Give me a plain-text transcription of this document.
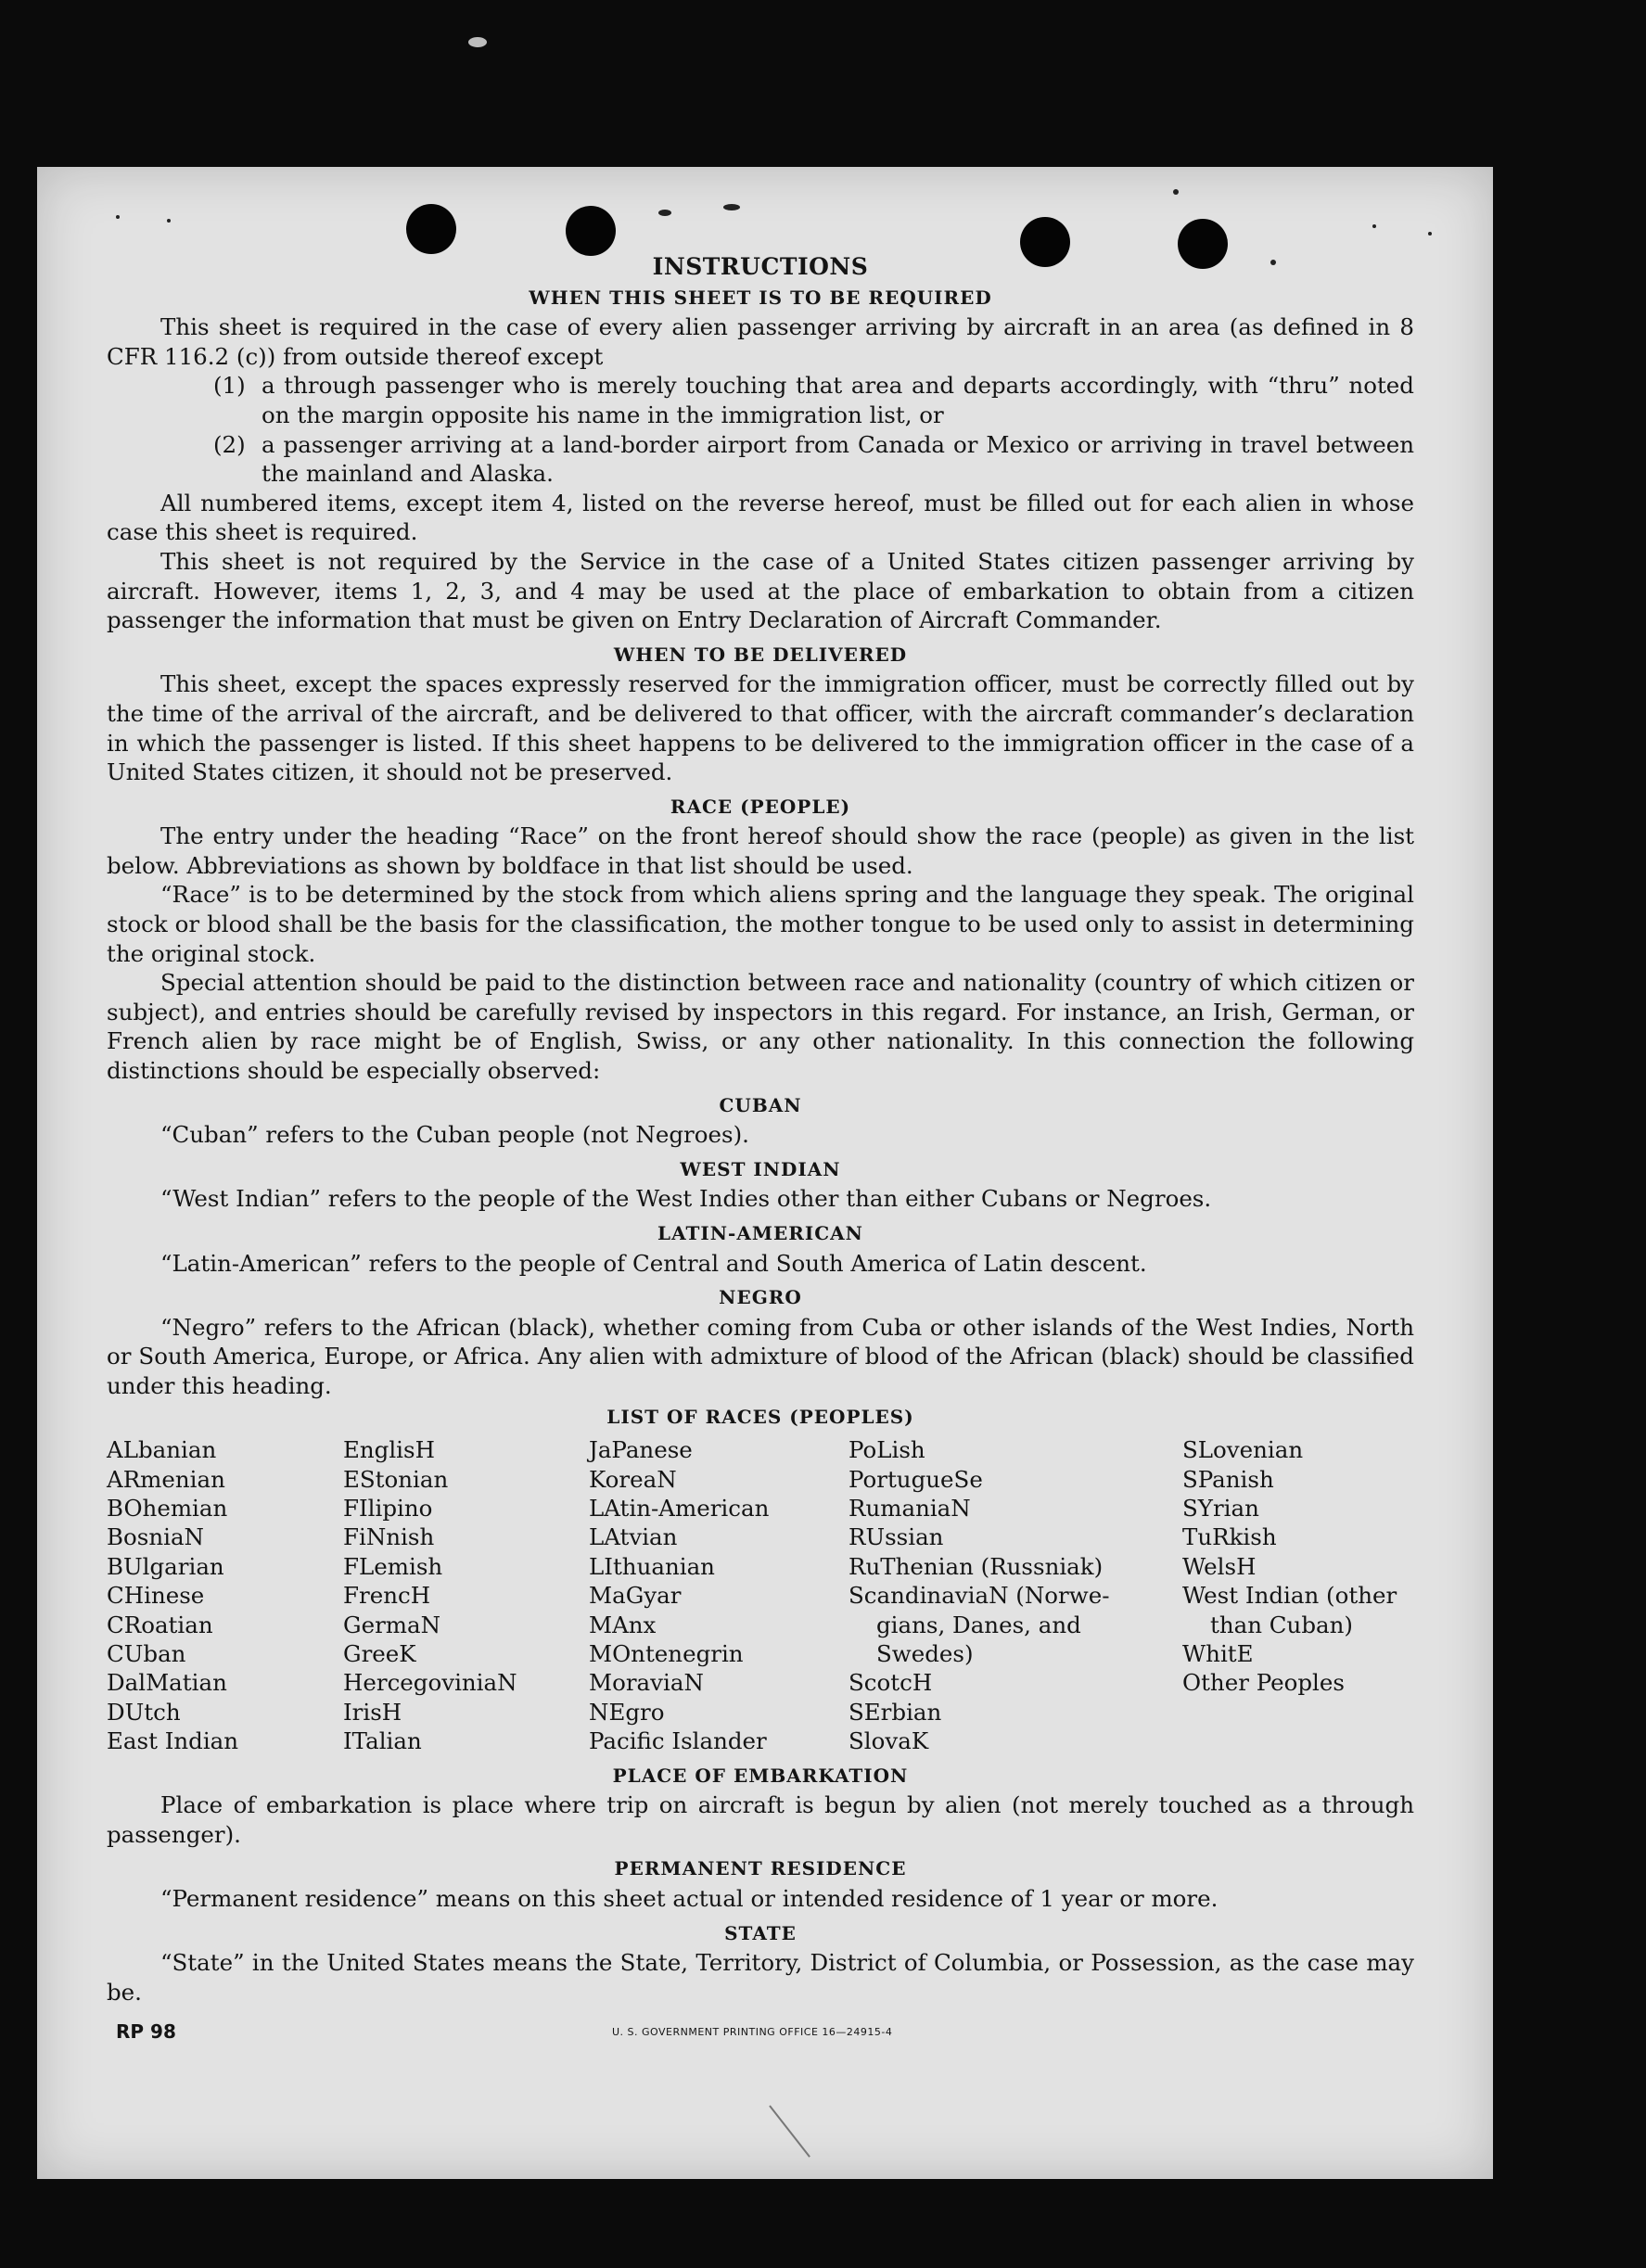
INSTRUCTIONS

WHEN THIS SHEET IS TO BE REQUIRED

This sheet is required in the case of every alien passenger arriving by aircraft in an area (as defined in 8 CFR 116.2 (c)) from outside thereof except

(1) a through passenger who is merely touching that area and departs accordingly, with “thru” noted on the margin opposite his name in the immigration list, or
(2) a passenger arriving at a land-border airport from Canada or Mexico or arriving in travel between the mainland and Alaska.

All numbered items, except item 4, listed on the reverse hereof, must be filled out for each alien in whose case this sheet is required.

This sheet is not required by the Service in the case of a United States citizen passenger arriving by aircraft. However, items 1, 2, 3, and 4 may be used at the place of embarkation to obtain from a citizen passenger the information that must be given on Entry Declaration of Aircraft Commander.

WHEN TO BE DELIVERED

This sheet, except the spaces expressly reserved for the immigration officer, must be correctly filled out by the time of the arrival of the aircraft, and be delivered to that officer, with the aircraft commander’s declaration in which the passenger is listed. If this sheet happens to be delivered to the immigration officer in the case of a United States citizen, it should not be preserved.

RACE (PEOPLE)

The entry under the heading “Race” on the front hereof should show the race (people) as given in the list below. Abbreviations as shown by boldface in that list should be used.

“Race” is to be determined by the stock from which aliens spring and the language they speak. The original stock or blood shall be the basis for the classification, the mother tongue to be used only to assist in determining the original stock.

Special attention should be paid to the distinction between race and nationality (country of which citizen or subject), and entries should be carefully revised by inspectors in this regard. For instance, an Irish, German, or French alien by race might be of English, Swiss, or any other nationality. In this connection the following distinctions should be especially observed:

CUBAN

“Cuban” refers to the Cuban people (not Negroes).

WEST INDIAN

“West Indian” refers to the people of the West Indies other than either Cubans or Negroes.

LATIN-AMERICAN

“Latin-American” refers to the people of Central and South America of Latin descent.

NEGRO

“Negro” refers to the African (black), whether coming from Cuba or other islands of the West Indies, North or South America, Europe, or Africa. Any alien with admixture of blood of the African (black) should be classified under this heading.

LIST OF RACES (PEOPLES)

ALbanian
ARmenian
BOhemian
BosniaN
BUlgarian
CHinese
CRoatian
CUban
DalMatian
DUtch
East Indian
EnglisH
EStonian
FIlipino
FiNnish
FLemish
FrencH
GermaN
GreeK
HercegoviniaN
IrisH
ITalian
JaPanese
KoreaN
LAtin-American
LAtvian
LIthuanian
MaGyar
MAnx
MOntenegrin
MoraviaN
NEgro
Pacific Islander
PoLish
PortugueSe
RumaniaN
RUssian
RuThenian (Russniak)
ScandinaviaN (Norwe-
gians, Danes, and
Swedes)
ScotcH
SErbian
SlovaK
SLovenian
SPanish
SYrian
TuRkish
WelsH
West Indian (other
than Cuban)
WhitE
Other Peoples

PLACE OF EMBARKATION

Place of embarkation is place where trip on aircraft is begun by alien (not merely touched as a through passenger).

PERMANENT RESIDENCE

“Permanent residence” means on this sheet actual or intended residence of 1 year or more.

STATE

“State” in the United States means the State, Territory, District of Columbia, or Possession, as the case may be.

RP 98	U. S. GOVERNMENT PRINTING OFFICE 16—24915-4
